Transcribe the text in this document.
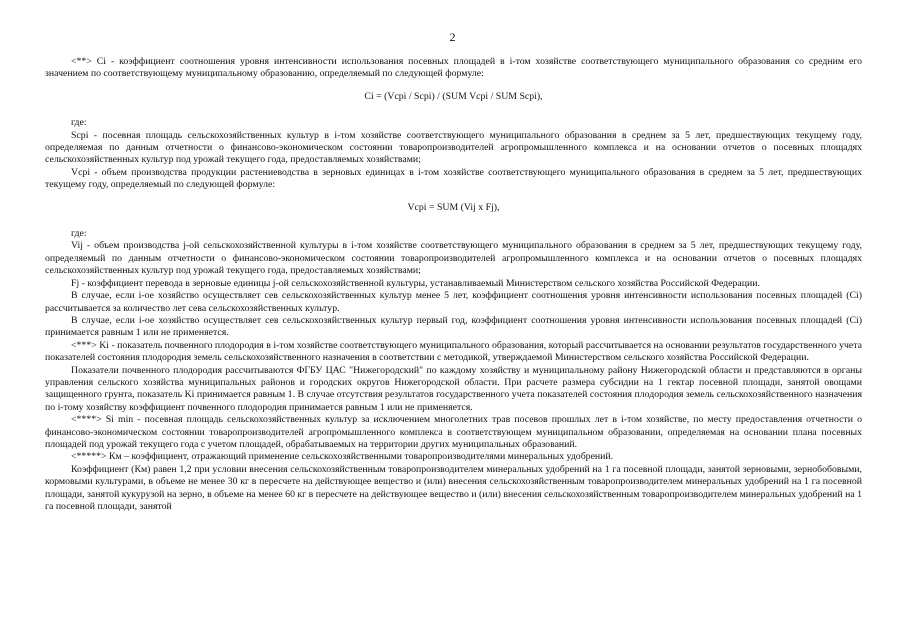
2

<**> Ci - коэффициент соотношения уровня интенсивности использования посевных площадей в i-том хозяйстве соответствующего муниципального образования со средним его значением по соответствующему муниципальному образованию, определяемый по следующей формуле:

Ci = (Vcpi / Scpi) / (SUM Vcpi / SUM Scpi),

где:

Scpi - посевная площадь сельскохозяйственных культур в i-том хозяйстве соответствующего муниципального образования в среднем за 5 лет, предшествующих текущему году, определяемая по данным отчетности о финансово-экономическом состоянии товаропроизводителей агропромышленного комплекса и на основании отчетов о посевных площадях сельскохозяйственных культур под урожай текущего года, предоставляемых хозяйствами;

Vcpi - объем производства продукции растениеводства в зерновых единицах в i-том хозяйстве соответствующего муниципального образования в среднем за 5 лет, предшествующих текущему году, определяемый по следующей формуле:

Vcpi = SUM (Vij x Fj),

где:

Vij - объем производства j-ой сельскохозяйственной культуры в i-том хозяйстве соответствующего муниципального образования в среднем за 5 лет, предшествующих текущему году, определяемый по данным отчетности о финансово-экономическом состоянии товаропроизводителей агропромышленного комплекса и на основании отчетов о посевных площадях сельскохозяйственных культур под урожай текущего года, предоставляемых хозяйствами;

Fj - коэффициент перевода в зерновые единицы j-ой сельскохозяйственной культуры, устанавливаемый Министерством сельского хозяйства Российской Федерации.

В случае, если i-ое хозяйство осуществляет сев сельскохозяйственных культур менее 5 лет, коэффициент соотношения уровня интенсивности использования посевных площадей (Ci) рассчитывается за количество лет сева сельскохозяйственных культур.

В случае, если i-ое хозяйство осуществляет сев сельскохозяйственных культур первый год, коэффициент соотношения уровня интенсивности использования посевных площадей (Ci) принимается равным 1 или не применяется.

<***> Ki - показатель почвенного плодородия в i-том хозяйстве соответствующего муниципального образования, который рассчитывается на основании результатов государственного учета показателей состояния плодородия земель сельскохозяйственного назначения в соответствии с методикой, утверждаемой Министерством сельского хозяйства Российской Федерации.

Показатели почвенного плодородия рассчитываются ФГБУ ЦАС "Нижегородский" по каждому хозяйству и муниципальному району Нижегородской области и представляются в органы управления сельского хозяйства муниципальных районов и городских округов Нижегородской области. При расчете размера субсидии на 1 гектар посевной площади, занятой овощами защищенного грунта, показатель Ki принимается равным 1. В случае отсутствия результатов государственного учета показателей состояния плодородия земель сельскохозяйственного назначения по i-тому хозяйству коэффициент почвенного плодородия принимается равным 1 или не применяется.

<****> Si min - посевная площадь сельскохозяйственных культур за исключением многолетних трав посевов прошлых лет в i-том хозяйстве, по месту предоставления отчетности о финансово-экономическом состоянии товаропроизводителей агропромышленного комплекса в соответствующем муниципальном образовании, определяемая на основании плана посевных площадей под урожай текущего года с учетом площадей, обрабатываемых на территории других муниципальных образований.

<*****> Км – коэффициент, отражающий применение сельскохозяйственными товаропроизводителями минеральных удобрений.

Коэффициент (Км) равен 1,2 при условии внесения сельскохозяйственным товаропроизводителем минеральных удобрений на 1 га посевной площади, занятой зерновыми, зернобобовыми, кормовыми культурами, в объеме не менее 30 кг в пересчете на действующее вещество и (или) внесения сельскохозяйственным товаропроизводителем минеральных удобрений на 1 га посевной площади, занятой кукурузой на зерно, в объеме на менее 60 кг в пересчете на действующее вещество и (или) внесения сельскохозяйственным товаропроизводителем минеральных удобрений на 1 га посевной площади, занятой
